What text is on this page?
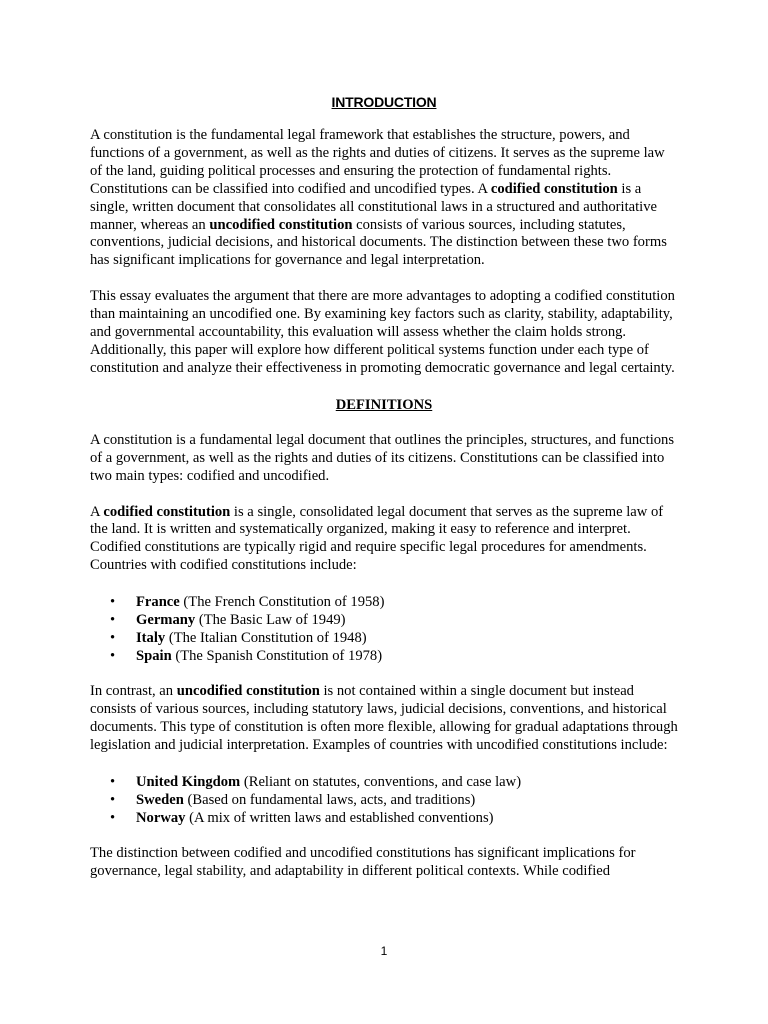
INTRODUCTION

A constitution is the fundamental legal framework that establishes the structure, powers, and functions of a government, as well as the rights and duties of citizens. It serves as the supreme law of the land, guiding political processes and ensuring the protection of fundamental rights. Constitutions can be classified into codified and uncodified types. A codified constitution is a single, written document that consolidates all constitutional laws in a structured and authoritative manner, whereas an uncodified constitution consists of various sources, including statutes, conventions, judicial decisions, and historical documents. The distinction between these two forms has significant implications for governance and legal interpretation.

This essay evaluates the argument that there are more advantages to adopting a codified constitution than maintaining an uncodified one. By examining key factors such as clarity, stability, adaptability, and governmental accountability, this evaluation will assess whether the claim holds strong. Additionally, this paper will explore how different political systems function under each type of constitution and analyze their effectiveness in promoting democratic governance and legal certainty.

DEFINITIONS

A constitution is a fundamental legal document that outlines the principles, structures, and functions of a government, as well as the rights and duties of its citizens. Constitutions can be classified into two main types: codified and uncodified.

A codified constitution is a single, consolidated legal document that serves as the supreme law of the land. It is written and systematically organized, making it easy to reference and interpret. Codified constitutions are typically rigid and require specific legal procedures for amendments. Countries with codified constitutions include:

• France (The French Constitution of 1958)
• Germany (The Basic Law of 1949)
• Italy (The Italian Constitution of 1948)
• Spain (The Spanish Constitution of 1978)

In contrast, an uncodified constitution is not contained within a single document but instead consists of various sources, including statutory laws, judicial decisions, conventions, and historical documents. This type of constitution is often more flexible, allowing for gradual adaptations through legislation and judicial interpretation. Examples of countries with uncodified constitutions include:

• United Kingdom (Reliant on statutes, conventions, and case law)
• Sweden (Based on fundamental laws, acts, and traditions)
• Norway (A mix of written laws and established conventions)

The distinction between codified and uncodified constitutions has significant implications for governance, legal stability, and adaptability in different political contexts. While codified

1
